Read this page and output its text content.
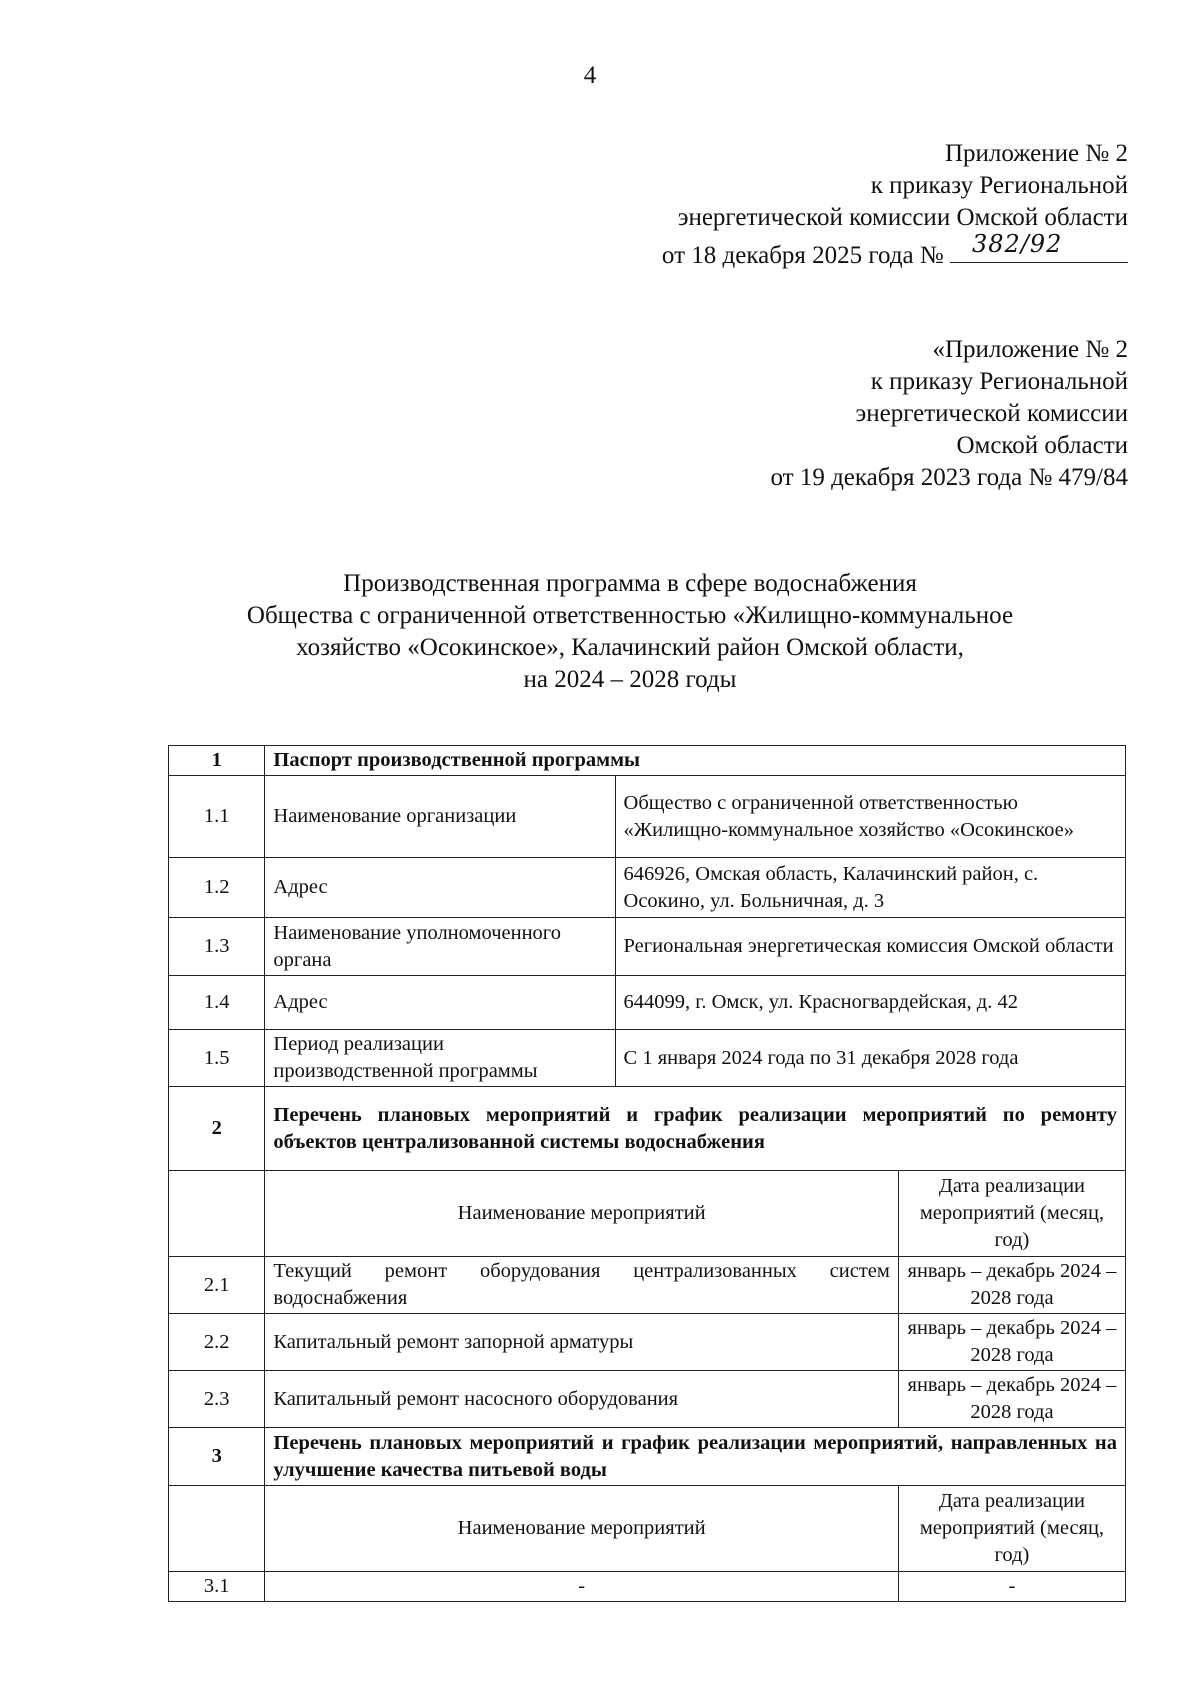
4
Приложение № 2
к приказу Региональной
энергетической комиссии Омской области
от 18 декабря 2025 года № 382/92
«Приложение № 2
к приказу Региональной
энергетической комиссии
Омской области
от 19 декабря 2023 года № 479/84
Производственная программа в сфере водоснабжения
Общества с ограниченной ответственностью «Жилищно-коммунальное
хозяйство «Осокинское», Калачинский район Омской области,
на 2024 – 2028 годы
1	Паспорт производственной программы		
1.1	Наименование организации	Общество с ограниченной ответственностью «Жилищно-коммунальное хозяйство «Осокинское»	
1.2	Адрес	646926, Омская область, Калачинский район, с. Осокино, ул. Больничная, д. 3	
1.3	Наименование уполномоченного органа	Региональная энергетическая комиссия Омской области	
1.4	Адрес	644099, г. Омск, ул. Красногвардейская, д. 42	
1.5	Период реализации производственной программы	С 1 января 2024 года по 31 декабря 2028 года	
2	Перечень плановых мероприятий и график реализации мероприятий по ремонту объектов централизованной системы водоснабжения		
	Наименование мероприятий		Дата реализации мероприятий (месяц, год)
2.1	Текущий ремонт оборудования централизованных систем водоснабжения		январь – декабрь 2024 – 2028 года
2.2	Капитальный ремонт запорной арматуры		январь – декабрь 2024 – 2028 года
2.3	Капитальный ремонт насосного оборудования		январь – декабрь 2024 – 2028 года
3	Перечень плановых мероприятий и график реализации мероприятий, направленных на улучшение качества питьевой воды		
	Наименование мероприятий		Дата реализации мероприятий (месяц, год)
3.1	-		-
